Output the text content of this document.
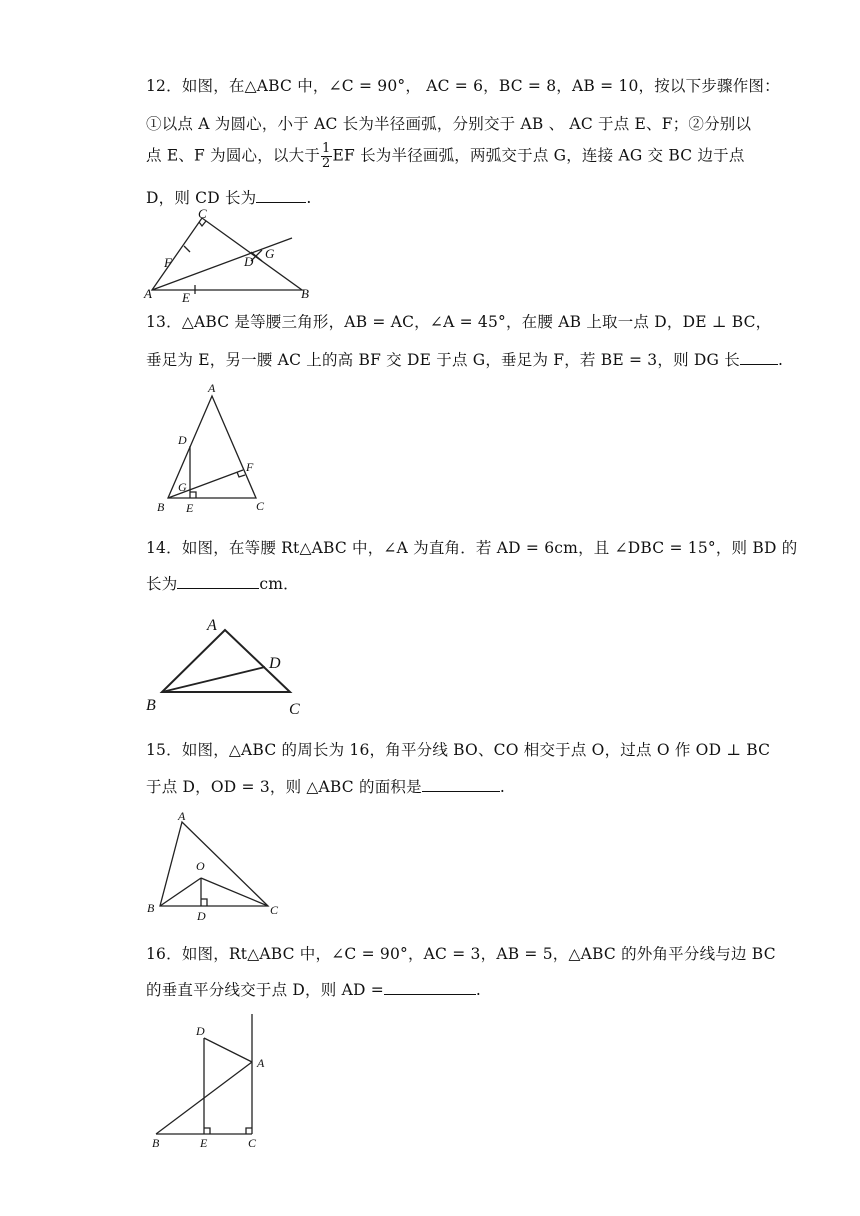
12．如图，在△ABC 中，∠C = 90°， AC = 6，BC = 8，AB = 10，按以下步骤作图：
①以点 A 为圆心，小于 AC 长为半径画弧，分别交于 AB 、 AC 于点 E、F；②分别以
点 E、F 为圆心，以大于 $\frac{1}{2}$ EF 长为半径画弧，两弧交于点 G，连接 AG 交 BC 边于点
D，则 CD 长为	.
C
F	D
G
A E	B
13．△ABC 是等腰三角形，AB = AC，∠A = 45°，在腰 AB 上取一点 D，DE ⊥ BC，
垂足为 E，另一腰 AC 上的高 BF 交 DE 于点 G，垂足为 F，若 BE = 3，则 DG 长 .
A
D
F
G
B E	C
14．如图，在等腰 Rt△ABC 中，∠A 为直角．若 AD = 6cm，且 ∠DBC = 15°，则 BD 的
长为	cm．
A
D
B	C
15．如图，△ABC 的周长为 16，角平分线 BO、CO 相交于点 O，过点 O 作 OD ⊥ BC
于点 D，OD = 3，则 △ABC 的面积是	.
A
O
B
D	C
16．如图，Rt△ABC 中，∠C = 90°，AC = 3，AB = 5，△ABC 的外角平分线与边 BC
的垂直平分线交于点 D，则 AD =	.
D
A
B	E	C
